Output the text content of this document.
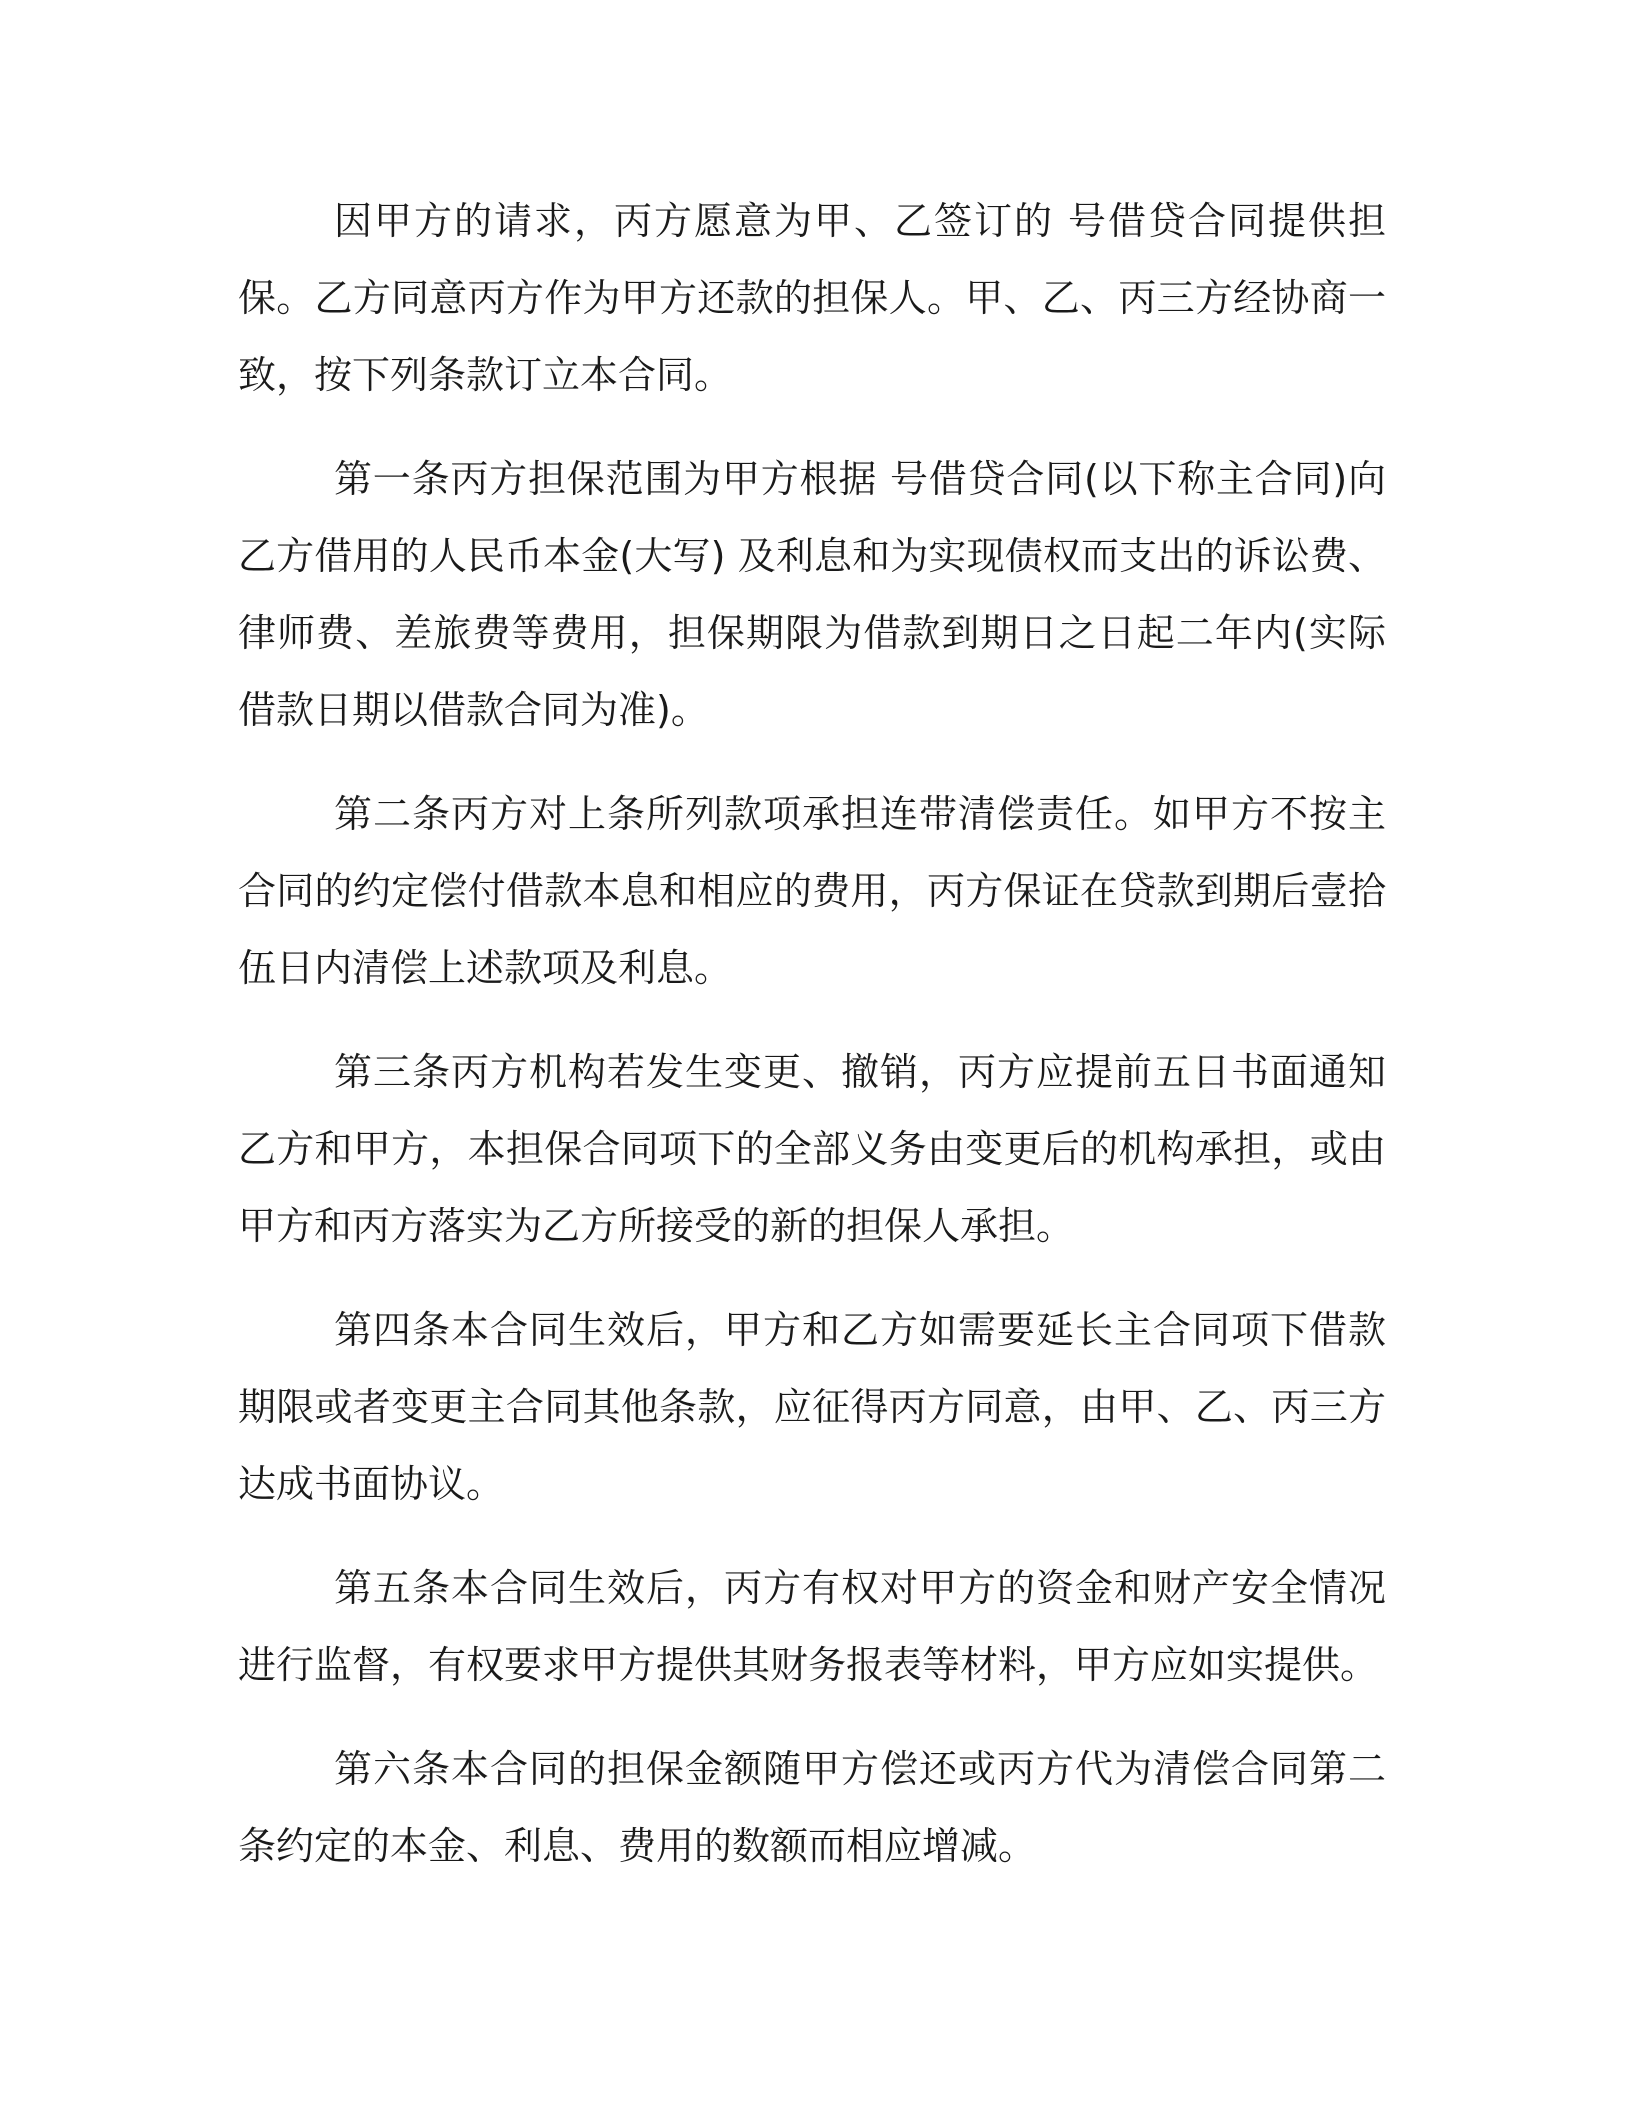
因甲方的请求，丙方愿意为甲、乙签订的 号借贷合同提供担保。乙方同意丙方作为甲方还款的担保人。甲、乙、丙三方经协商一致，按下列条款订立本合同。

第一条丙方担保范围为甲方根据 号借贷合同(以下称主合同)向乙方借用的人民币本金(大写) 及利息和为实现债权而支出的诉讼费、律师费、差旅费等费用，担保期限为借款到期日之日起二年内(实际借款日期以借款合同为准)。

第二条丙方对上条所列款项承担连带清偿责任。如甲方不按主合同的约定偿付借款本息和相应的费用，丙方保证在贷款到期后壹拾伍日内清偿上述款项及利息。

第三条丙方机构若发生变更、撤销，丙方应提前五日书面通知乙方和甲方，本担保合同项下的全部义务由变更后的机构承担，或由甲方和丙方落实为乙方所接受的新的担保人承担。

第四条本合同生效后，甲方和乙方如需要延长主合同项下借款期限或者变更主合同其他条款，应征得丙方同意，由甲、乙、丙三方达成书面协议。

第五条本合同生效后，丙方有权对甲方的资金和财产安全情况进行监督，有权要求甲方提供其财务报表等材料，甲方应如实提供。

第六条本合同的担保金额随甲方偿还或丙方代为清偿合同第二条约定的本金、利息、费用的数额而相应增减。
